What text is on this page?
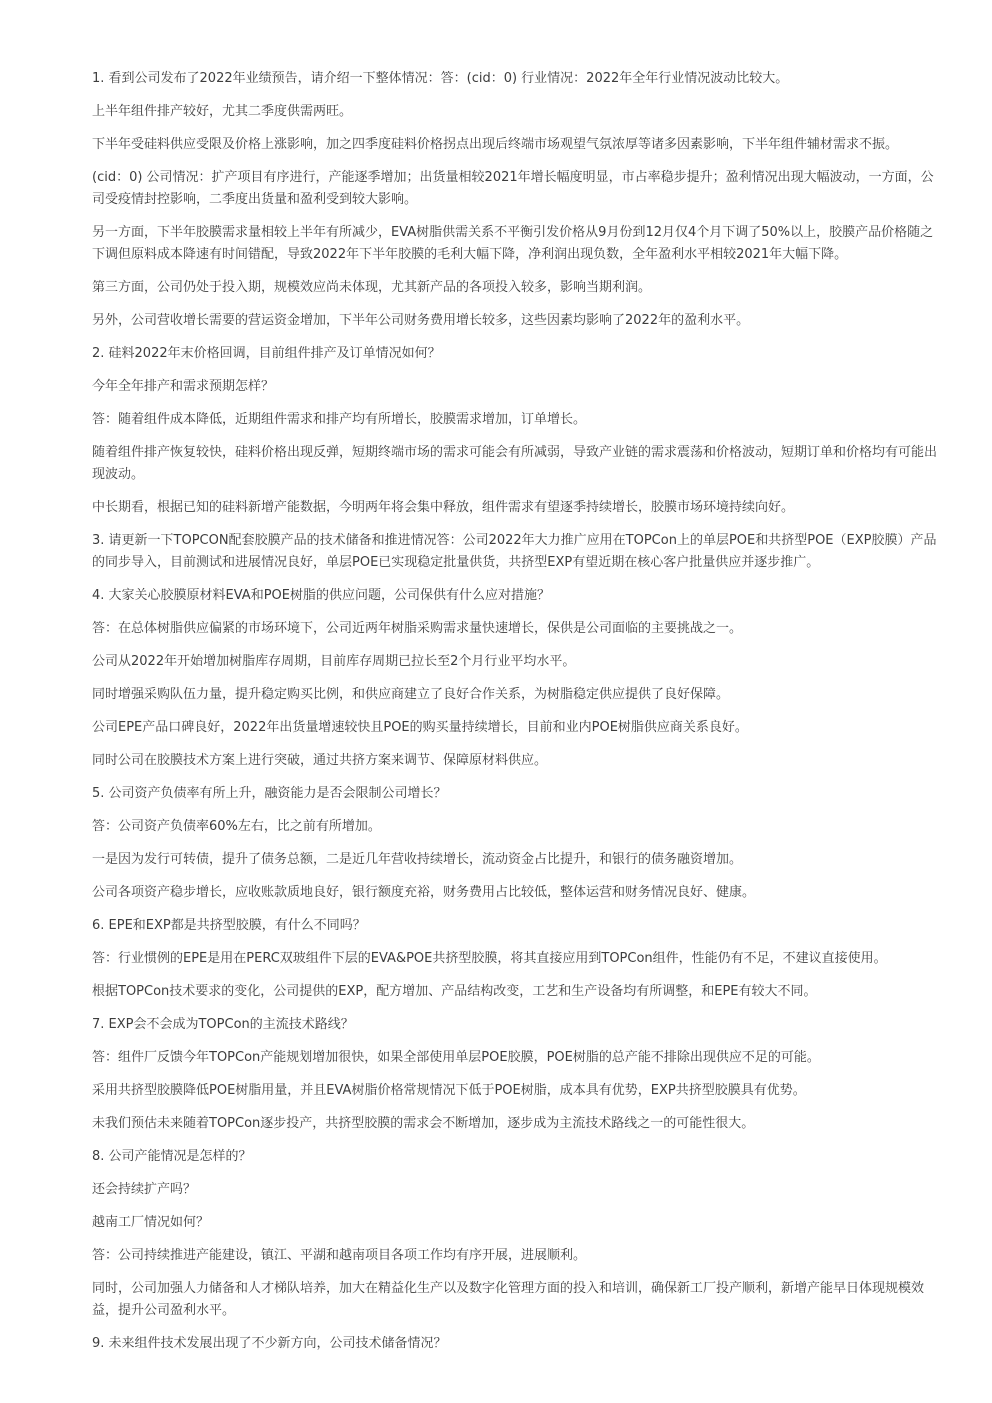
1. 看到公司发布了2022年业绩预告，请介绍一下整体情况：答：(cid：0) 行业情况：2022年全年行业情况波动比较大。

上半年组件排产较好，尤其二季度供需两旺。

下半年受硅料供应受限及价格上涨影响，加之四季度硅料价格拐点出现后终端市场观望气氛浓厚等诸多因素影响，下半年组件辅材需求不振。

(cid：0) 公司情况：扩产项目有序进行，产能逐季增加；出货量相较2021年增长幅度明显，市占率稳步提升；盈利情况出现大幅波动，一方面，公司受疫情封控影响，二季度出货量和盈利受到较大影响。

另一方面，下半年胶膜需求量相较上半年有所减少，EVA树脂供需关系不平衡引发价格从9月份到12月仅4个月下调了50%以上，胶膜产品价格随之下调但原料成本降速有时间错配，导致2022年下半年胶膜的毛利大幅下降，净利润出现负数，全年盈利水平相较2021年大幅下降。

第三方面，公司仍处于投入期，规模效应尚未体现，尤其新产品的各项投入较多，影响当期利润。

另外，公司营收增长需要的营运资金增加，下半年公司财务费用增长较多，这些因素均影响了2022年的盈利水平。

2. 硅料2022年末价格回调，目前组件排产及订单情况如何？

今年全年排产和需求预期怎样？

答：随着组件成本降低，近期组件需求和排产均有所增长，胶膜需求增加，订单增长。

随着组件排产恢复较快，硅料价格出现反弹，短期终端市场的需求可能会有所减弱，导致产业链的需求震荡和价格波动，短期订单和价格均有可能出现波动。

中长期看，根据已知的硅料新增产能数据，今明两年将会集中释放，组件需求有望逐季持续增长，胶膜市场环境持续向好。

3. 请更新一下TOPCON配套胶膜产品的技术储备和推进情况答：公司2022年大力推广应用在TOPCon上的单层POE和共挤型POE（EXP胶膜）产品的同步导入，目前测试和进展情况良好，单层POE已实现稳定批量供货，共挤型EXP有望近期在核心客户批量供应并逐步推广。

4. 大家关心胶膜原材料EVA和POE树脂的供应问题，公司保供有什么应对措施？

答：在总体树脂供应偏紧的市场环境下，公司近两年树脂采购需求量快速增长，保供是公司面临的主要挑战之一。

公司从2022年开始增加树脂库存周期，目前库存周期已拉长至2个月行业平均水平。

同时增强采购队伍力量，提升稳定购买比例，和供应商建立了良好合作关系，为树脂稳定供应提供了良好保障。

公司EPE产品口碑良好，2022年出货量增速较快且POE的购买量持续增长，目前和业内POE树脂供应商关系良好。

同时公司在胶膜技术方案上进行突破，通过共挤方案来调节、保障原材料供应。

5. 公司资产负债率有所上升，融资能力是否会限制公司增长？

答：公司资产负债率60%左右，比之前有所增加。

一是因为发行可转债，提升了债务总额，二是近几年营收持续增长，流动资金占比提升，和银行的债务融资增加。

公司各项资产稳步增长，应收账款质地良好，银行额度充裕，财务费用占比较低，整体运营和财务情况良好、健康。

6. EPE和EXP都是共挤型胶膜，有什么不同吗？

答：行业惯例的EPE是用在PERC双玻组件下层的EVA&POE共挤型胶膜，将其直接应用到TOPCon组件，性能仍有不足，不建议直接使用。

根据TOPCon技术要求的变化，公司提供的EXP，配方增加、产品结构改变，工艺和生产设备均有所调整，和EPE有较大不同。

7. EXP会不会成为TOPCon的主流技术路线？

答：组件厂反馈今年TOPCon产能规划增加很快，如果全部使用单层POE胶膜，POE树脂的总产能不排除出现供应不足的可能。

采用共挤型胶膜降低POE树脂用量，并且EVA树脂价格常规情况下低于POE树脂，成本具有优势，EXP共挤型胶膜具有优势。

未我们预估未来随着TOPCon逐步投产，共挤型胶膜的需求会不断增加，逐步成为主流技术路线之一的可能性很大。

8. 公司产能情况是怎样的？

还会持续扩产吗？

越南工厂情况如何？

答：公司持续推进产能建设，镇江、平湖和越南项目各项工作均有序开展，进展顺利。

同时，公司加强人力储备和人才梯队培养，加大在精益化生产以及数字化管理方面的投入和培训，确保新工厂投产顺利，新增产能早日体现规模效益，提升公司盈利水平。

9. 未来组件技术发展出现了不少新方向，公司技术储备情况？
